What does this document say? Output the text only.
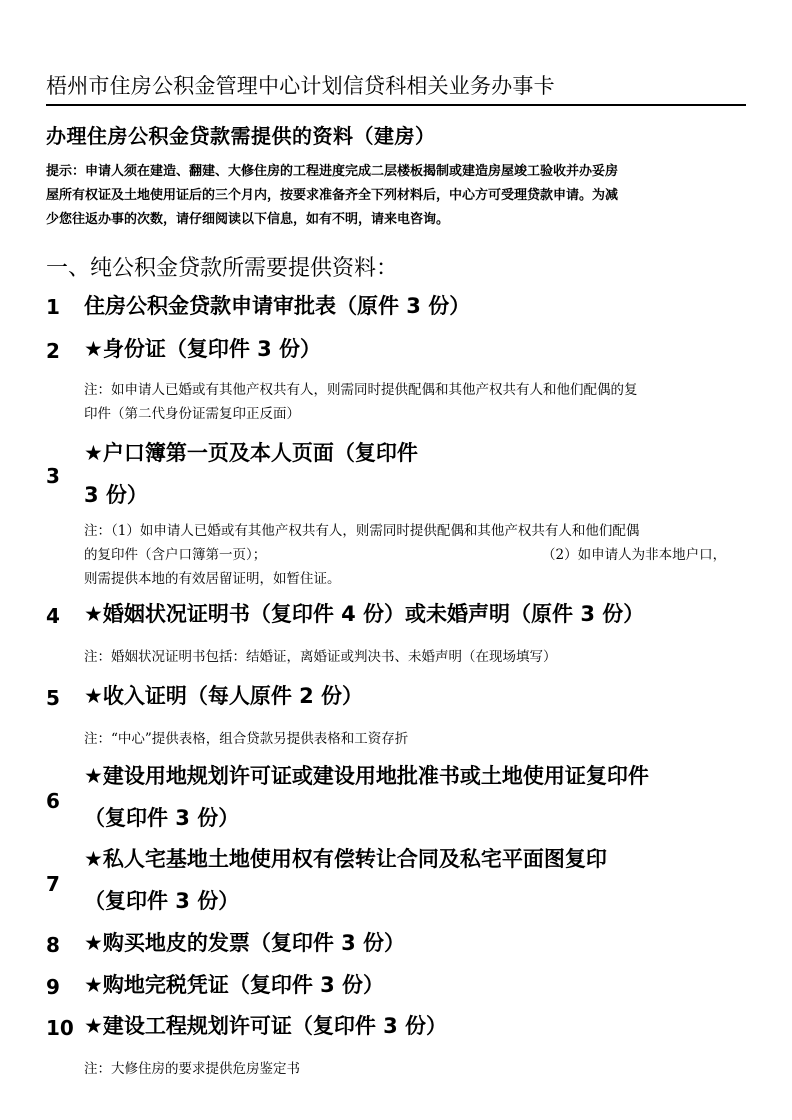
梧州市住房公积金管理中心计划信贷科相关业务办事卡
办理住房公积金贷款需提供的资料（建房）
提示：申请人须在建造、翻建、大修住房的工程进度完成二层楼板揭制或建造房屋竣工验收并办妥房
屋所有权证及土地使用证后的三个月内，按要求准备齐全下列材料后，中心方可受理贷款申请。为减
少您往返办事的次数，请仔细阅读以下信息，如有不明，请来电咨询。
一、纯公积金贷款所需要提供资料：
1 住房公积金贷款申请审批表（原件 3 份）
2 ★身份证（复印件 3 份）
注：如申请人已婚或有其他产权共有人，则需同时提供配偶和其他产权共有人和他们配偶的复
印件（第二代身份证需复印正反面）
3
★户口簿第一页及本人页面（复印件
3 份）
注：（1）如申请人已婚或有其他产权共有人，则需同时提供配偶和其他产权共有人和他们配偶
的复印件（含户口簿第一页）；	（2）如申请人为非本地户口，
则需提供本地的有效居留证明，如暂住证。
4 ★婚姻状况证明书（复印件 4 份）或未婚声明（原件 3 份）
注：婚姻状况证明书包括：结婚证，离婚证或判决书、未婚声明（在现场填写）
5 ★收入证明（每人原件 2 份）
注：“中心”提供表格，组合贷款另提供表格和工资存折
6
★建设用地规划许可证或建设用地批准书或土地使用证复印件
（复印件 3 份）
7
★私人宅基地土地使用权有偿转让合同及私宅平面图复印
（复印件 3 份）
8 ★购买地皮的发票（复印件 3 份）
9 ★购地完税凭证（复印件 3 份）
10 ★建设工程规划许可证（复印件 3 份）
注：大修住房的要求提供危房鉴定书
